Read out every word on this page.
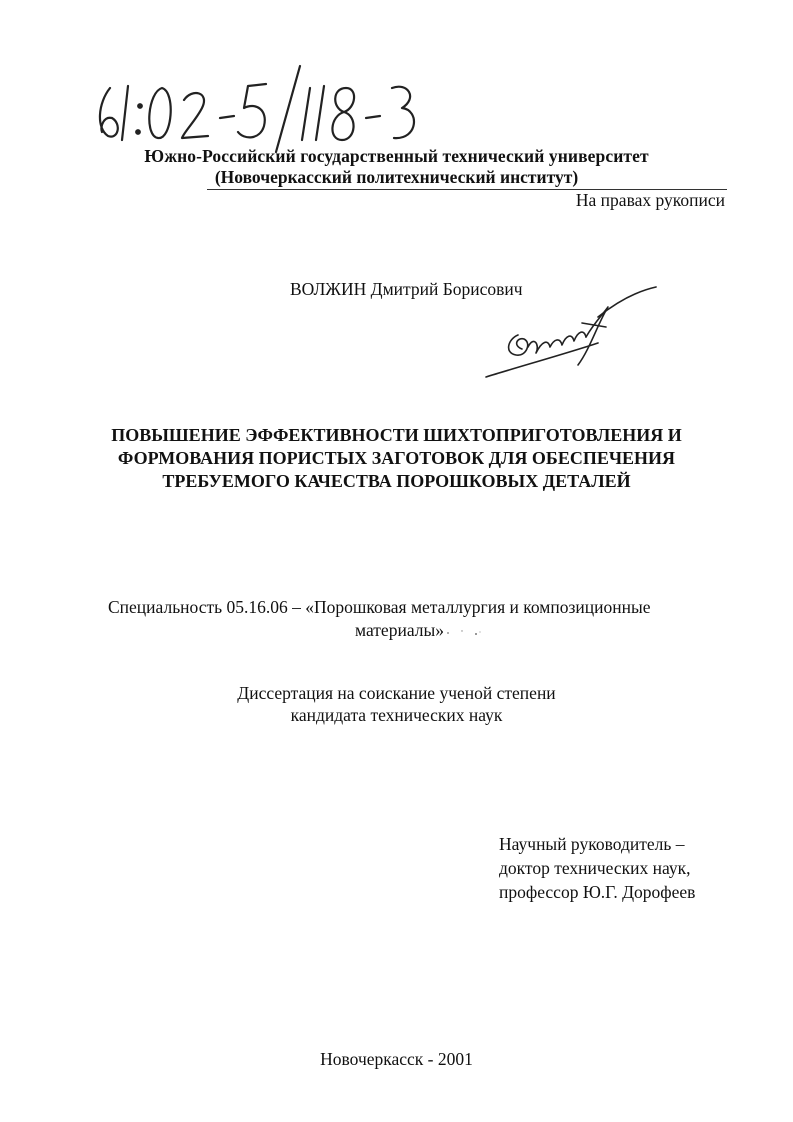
Южно-Российский государственный технический университет
(Новочеркасский политехнический институт)
На правах рукописи
ВОЛЖИН Дмитрий Борисович
ПОВЫШЕНИЕ ЭФФЕКТИВНОСТИ ШИХТОПРИГОТОВЛЕНИЯ И
ФОРМОВАНИЯ ПОРИСТЫХ ЗАГОТОВОК ДЛЯ ОБЕСПЕЧЕНИЯ
ТРЕБУЕМОГО КАЧЕСТВА ПОРОШКОВЫХ ДЕТАЛЕЙ
Специальность 05.16.06 – «Порошковая металлургия и композиционные
материалы»
Диссертация на соискание ученой степени
кандидата технических наук
Научный руководитель –
доктор технических наук,
профессор Ю.Г. Дорофеев
Новочеркасск - 2001
